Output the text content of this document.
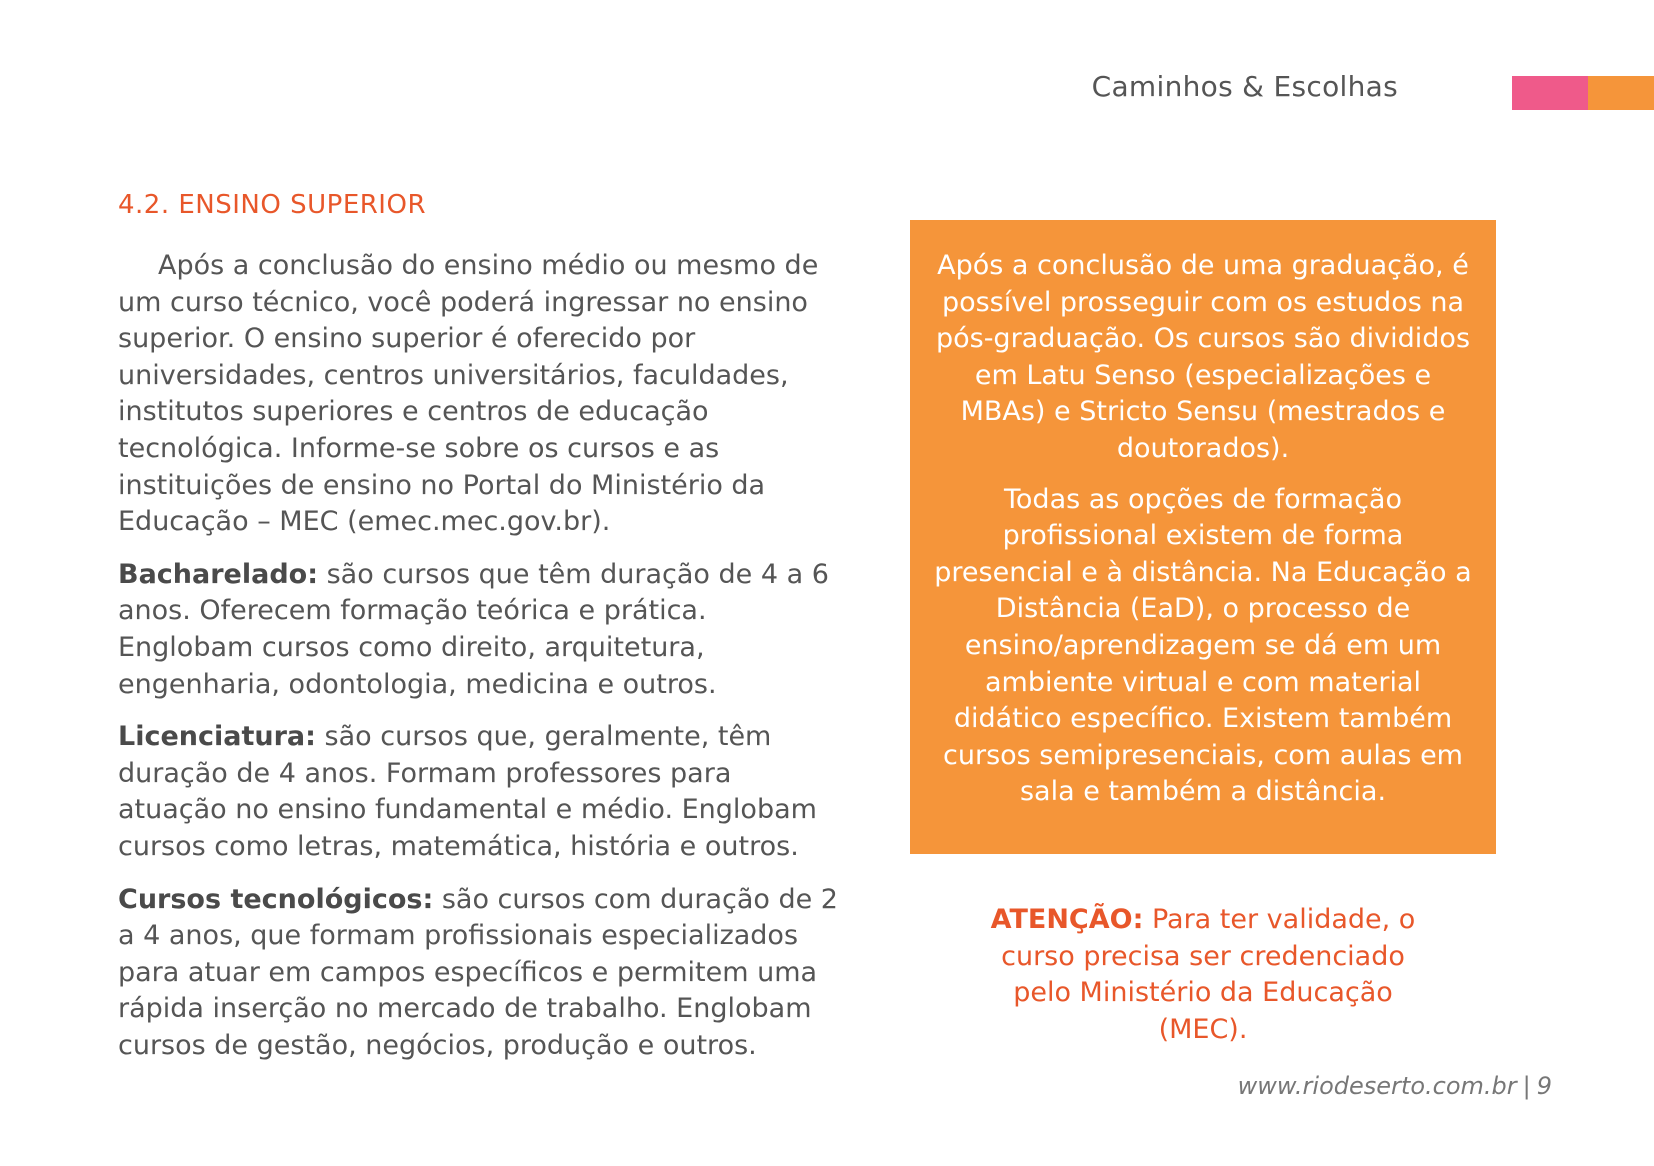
Caminhos & Escolhas
4.2. ENSINO SUPERIOR

Após a conclusão do ensino médio ou mesmo de um curso técnico, você poderá ingressar no ensino superior. O ensino superior é oferecido por universidades, centros universitários, faculdades, institutos superiores e centros de educação tecnológica. Informe-se sobre os cursos e as instituições de ensino no Portal do Ministério da Educação – MEC (emec.mec.gov.br).

Bacharelado: são cursos que têm duração de 4 a 6 anos. Oferecem formação teórica e prática. Englobam cursos como direito, arquitetura, engenharia, odontologia, medicina e outros.

Licenciatura: são cursos que, geralmente, têm duração de 4 anos. Formam professores para atuação no ensino fundamental e médio. Englobam cursos como letras, matemática, história e outros.

Cursos tecnológicos: são cursos com duração de 2 a 4 anos, que formam profissionais especializados para atuar em campos específicos e permitem uma rápida inserção no mercado de trabalho. Englobam cursos de gestão, negócios, produção e outros.

Após a conclusão de uma graduação, é possível prosseguir com os estudos na pós-graduação. Os cursos são divididos em Latu Senso (especializações e MBAs) e Stricto Sensu (mestrados e doutorados).

Todas as opções de formação profissional existem de forma presencial e à distância. Na Educação a Distância (EaD), o processo de ensino/aprendizagem se dá em um ambiente virtual e com material didático específico. Existem também cursos semipresenciais, com aulas em sala e também a distância.

ATENÇÃO: Para ter validade, o curso precisa ser credenciado pelo Ministério da Educação (MEC).
www.riodeserto.com.br | 9
